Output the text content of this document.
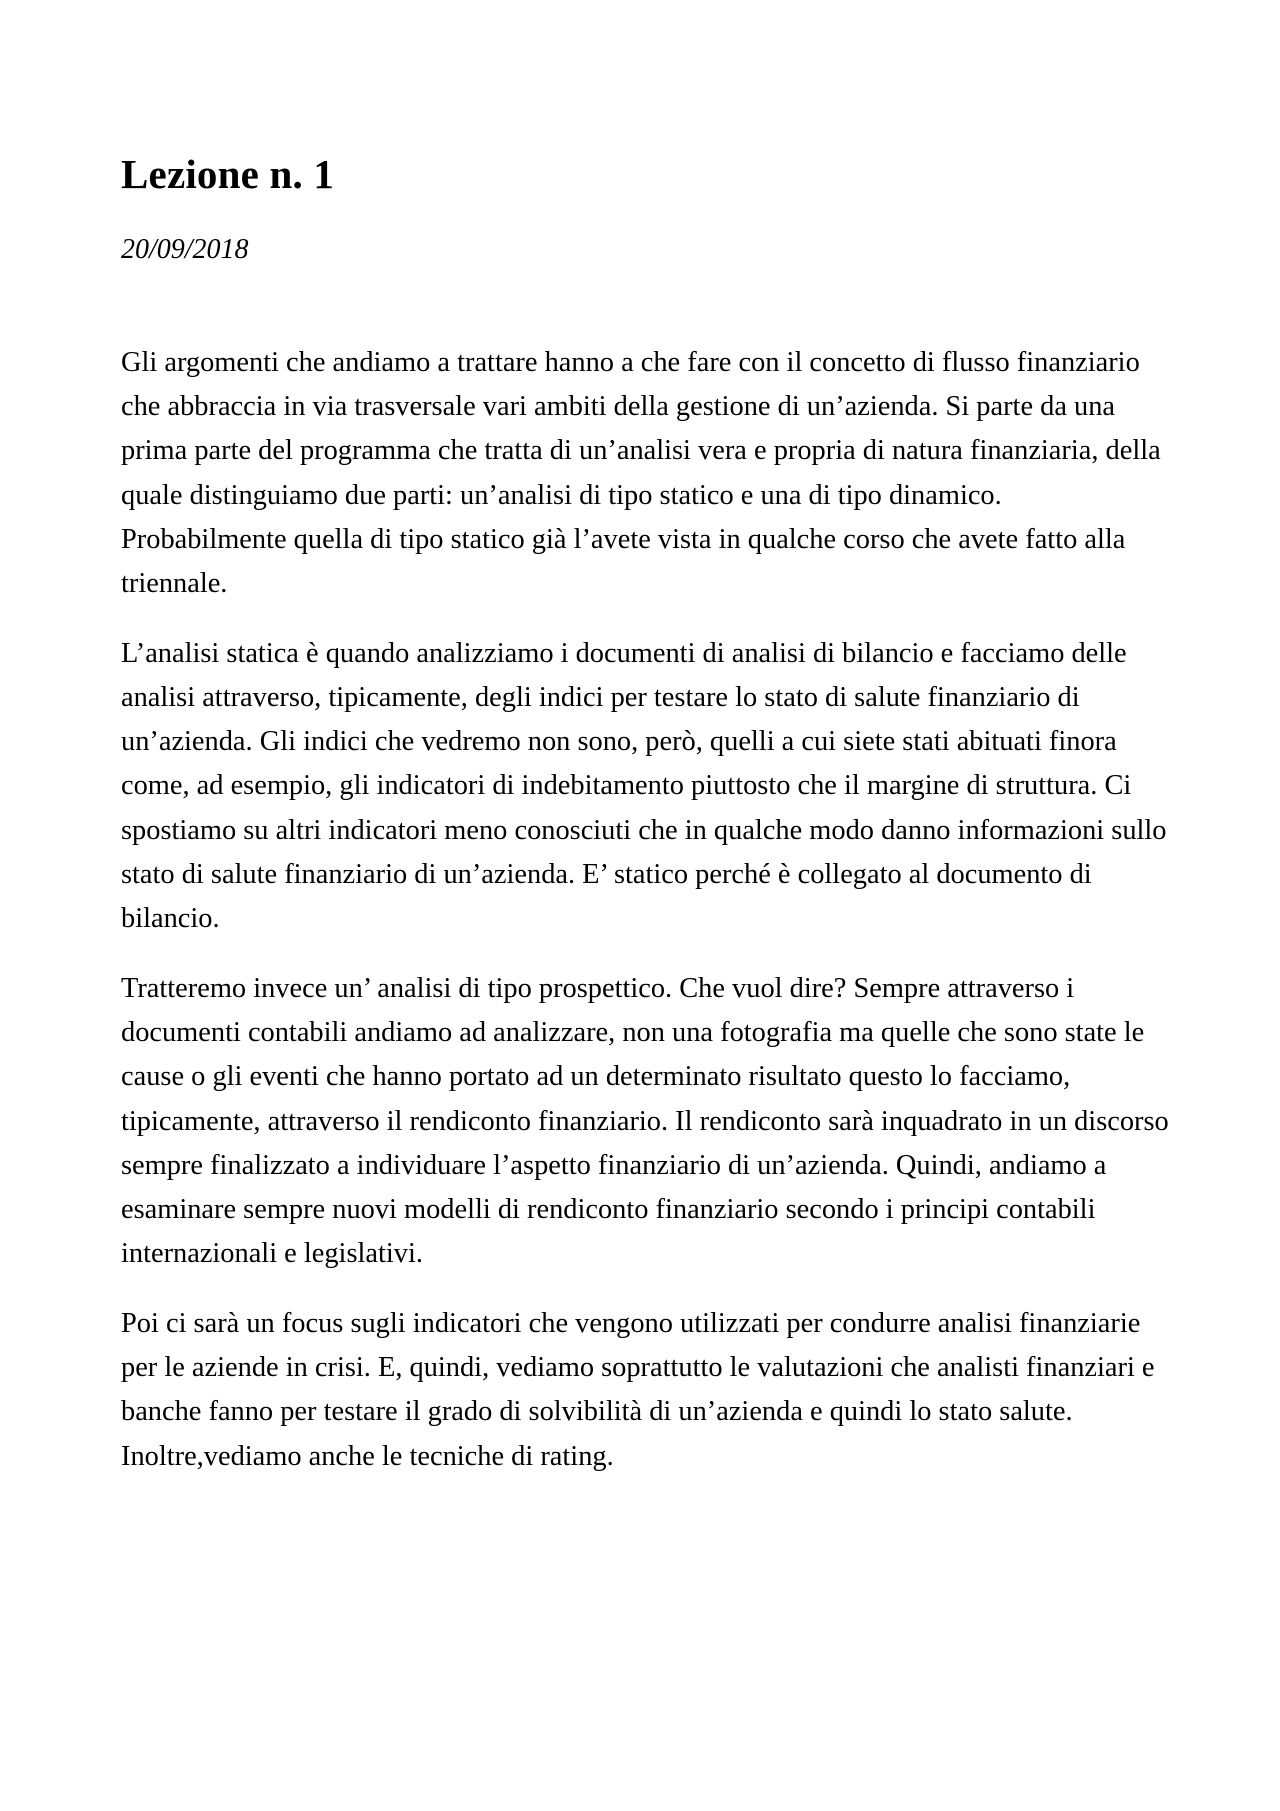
Lezione n. 1

20/09/2018

Gli argomenti che andiamo a trattare hanno a che fare con il concetto di flusso finanziario che abbraccia in via trasversale vari ambiti della gestione di un’azienda. Si parte da una prima parte del programma che tratta di un’analisi vera e propria di natura finanziaria, della quale distinguiamo due parti: un’analisi di tipo statico e una di tipo dinamico. Probabilmente quella di tipo statico già l’avete vista in qualche corso che avete fatto alla triennale.

L’analisi statica è quando analizziamo i documenti di analisi di bilancio e facciamo delle analisi attraverso, tipicamente, degli indici per testare lo stato di salute finanziario di un’azienda. Gli indici che vedremo non sono, però, quelli a cui siete stati abituati finora come, ad esempio, gli indicatori di indebitamento piuttosto che il margine di struttura. Ci spostiamo su altri indicatori meno conosciuti che in qualche modo danno informazioni sullo stato di salute finanziario di un’azienda. E’ statico perché è collegato al documento di bilancio.

Tratteremo invece un’ analisi di tipo prospettico. Che vuol dire? Sempre attraverso i documenti contabili andiamo ad analizzare, non una fotografia ma quelle che sono state le cause o gli eventi che hanno portato ad un determinato risultato questo lo facciamo, tipicamente, attraverso il rendiconto finanziario. Il rendiconto sarà inquadrato in un discorso sempre finalizzato a individuare l’aspetto finanziario di un’azienda. Quindi, andiamo a esaminare sempre nuovi modelli di rendiconto finanziario secondo i principi contabili internazionali e legislativi.

Poi ci sarà un focus sugli indicatori che vengono utilizzati per condurre analisi finanziarie per le aziende in crisi. E, quindi, vediamo soprattutto le valutazioni che analisti finanziari e banche fanno per testare il grado di solvibilità di un’azienda e quindi lo stato salute. Inoltre,vediamo anche le tecniche di rating.
